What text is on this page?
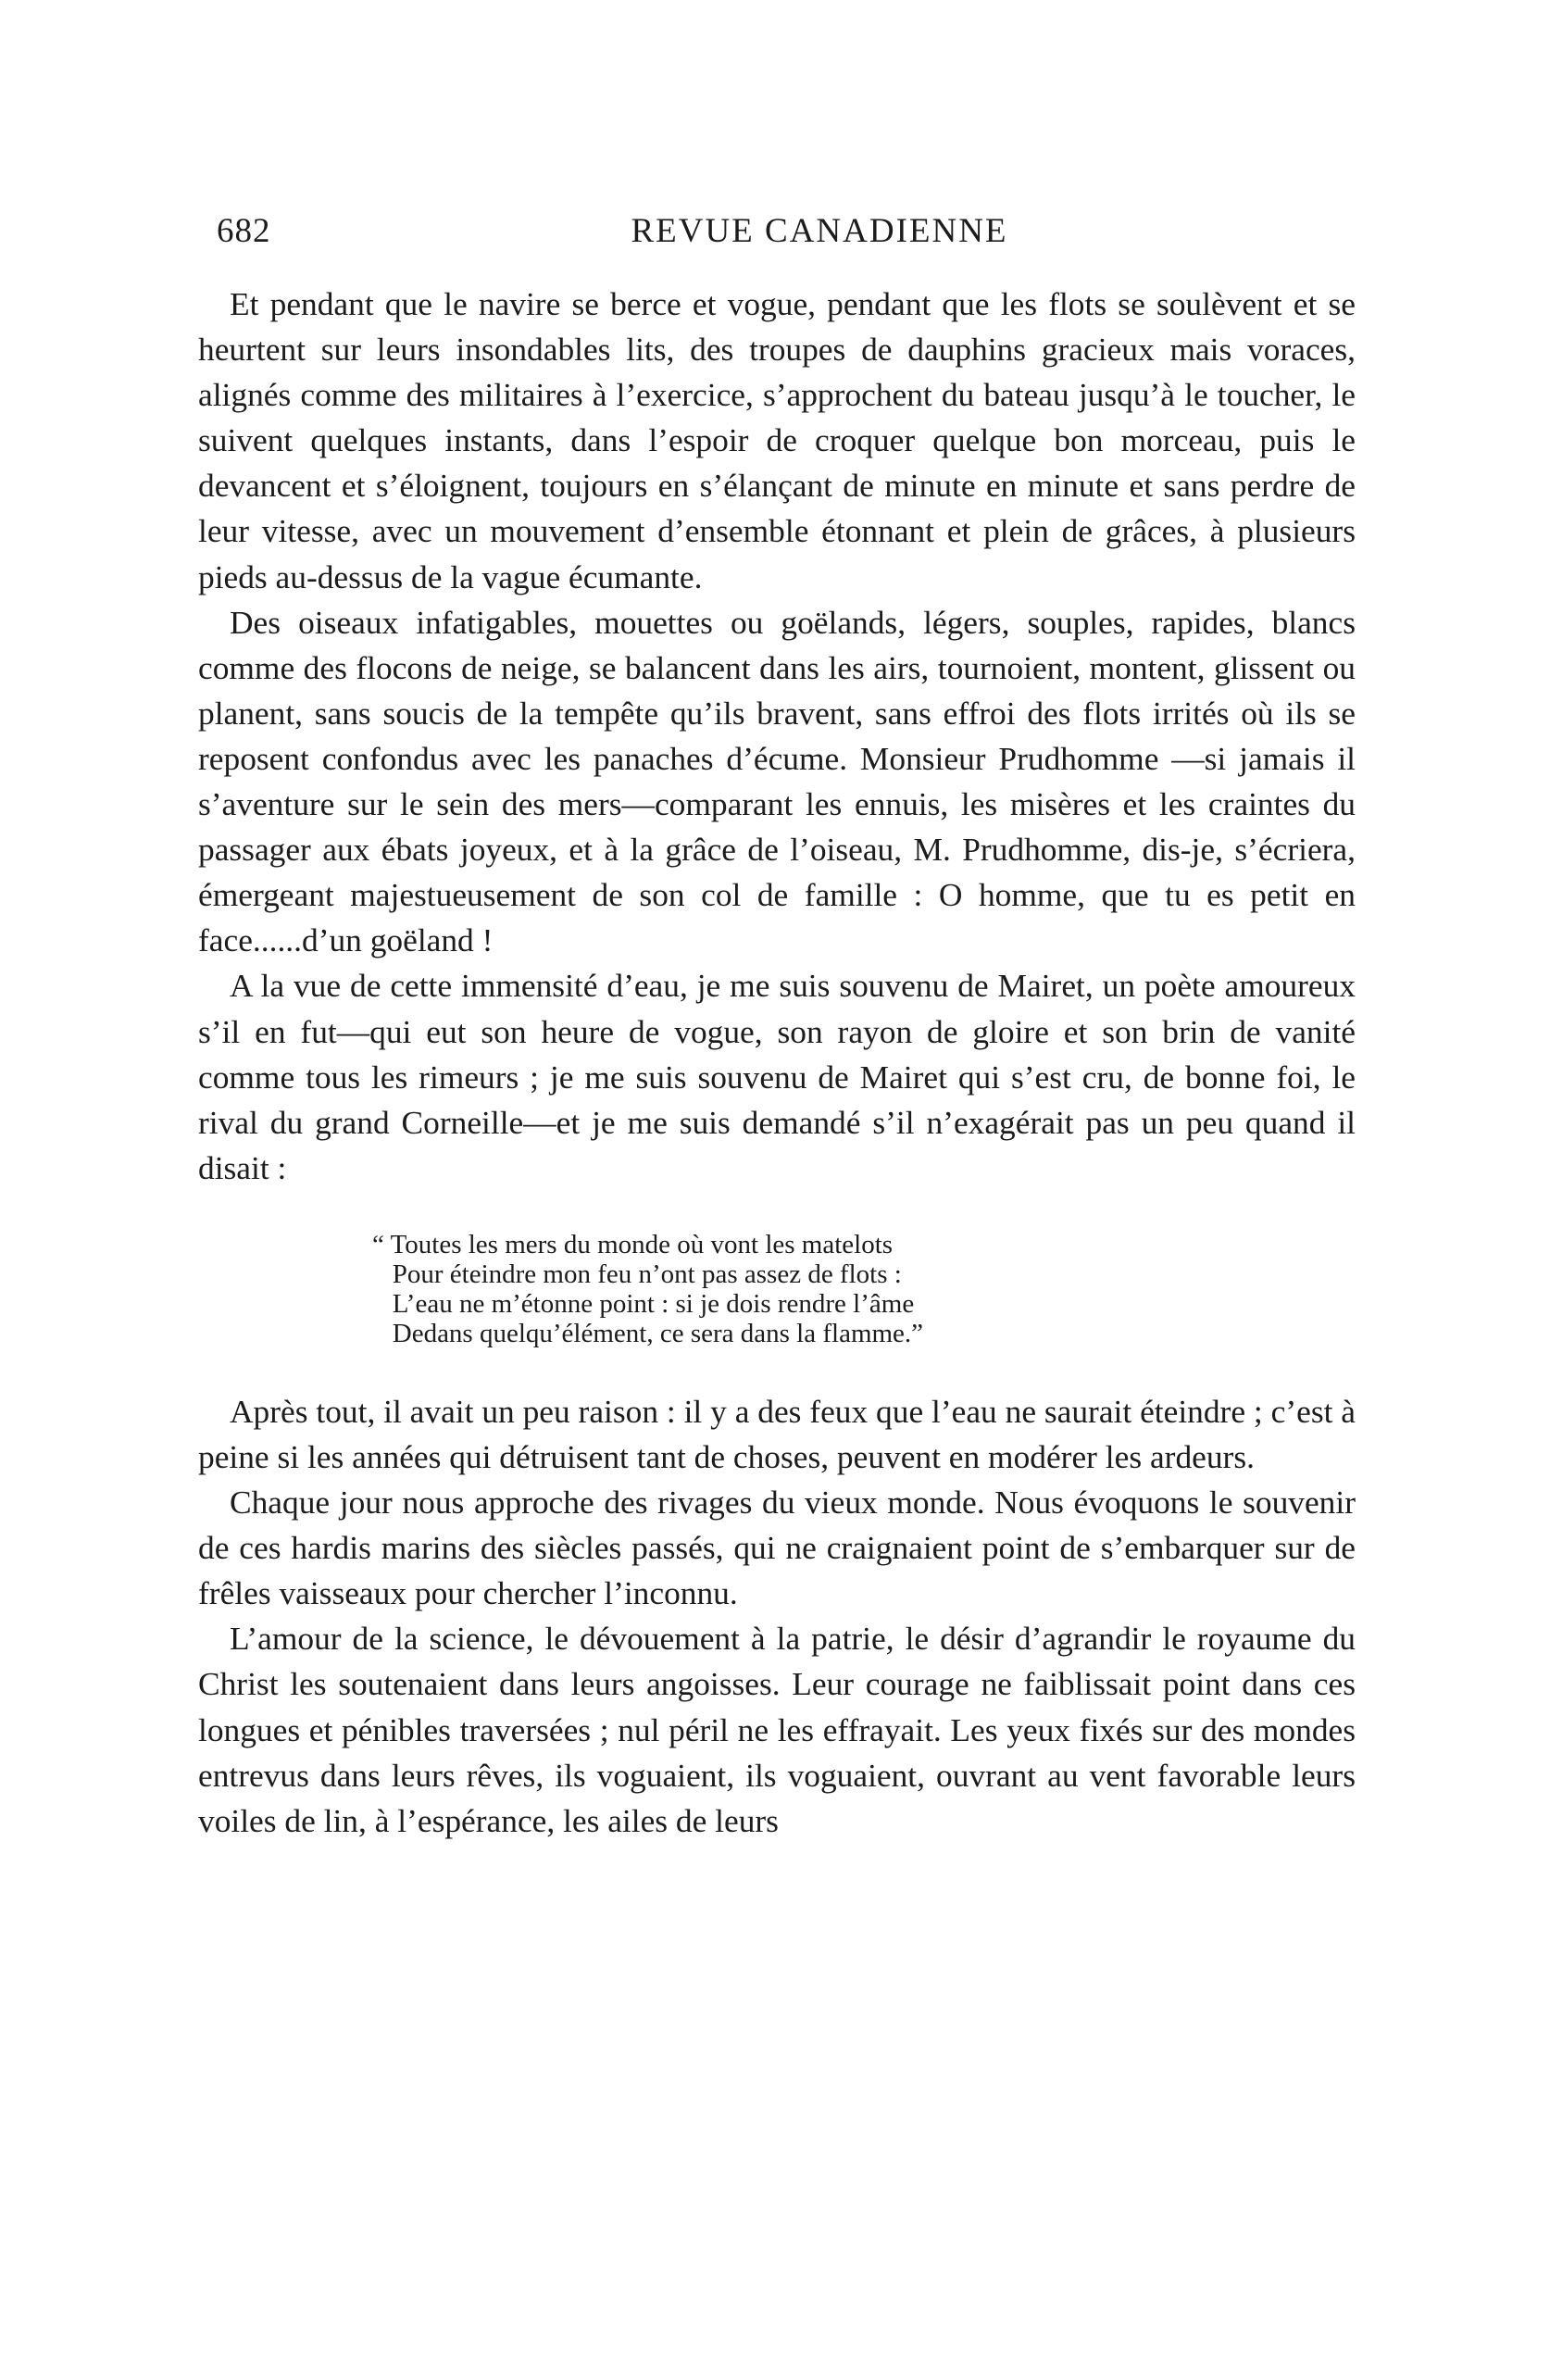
682	REVUE CANADIENNE

Et pendant que le navire se berce et vogue, pendant que les flots se soulèvent et se heurtent sur leurs insondables lits, des troupes de dauphins gracieux mais voraces, alignés comme des militaires à l’exercice, s’approchent du bateau jusqu’à le toucher, le suivent quelques instants, dans l’espoir de croquer quelque bon morceau, puis le devancent et s’éloignent, toujours en s’élançant de minute en minute et sans perdre de leur vitesse, avec un mouvement d’ensemble étonnant et plein de grâces, à plusieurs pieds au-dessus de la vague écumante.

Des oiseaux infatigables, mouettes ou goëlands, légers, souples, rapides, blancs comme des flocons de neige, se balancent dans les airs, tournoient, montent, glissent ou planent, sans soucis de la tempête qu’ils bravent, sans effroi des flots irrités où ils se reposent confondus avec les panaches d’écume. Monsieur Prudhomme —si jamais il s’aventure sur le sein des mers—comparant les ennuis, les misères et les craintes du passager aux ébats joyeux, et à la grâce de l’oiseau, M. Prudhomme, dis-je, s’écriera, émergeant majestueusement de son col de famille : O homme, que tu es petit en face......d’un goëland !

A la vue de cette immensité d’eau, je me suis souvenu de Mairet, un poète amoureux s’il en fut—qui eut son heure de vogue, son rayon de gloire et son brin de vanité comme tous les rimeurs ; je me suis souvenu de Mairet qui s’est cru, de bonne foi, le rival du grand Corneille—et je me suis demandé s’il n’exagérait pas un peu quand il disait :

“ Toutes les mers du monde où vont les matelots
Pour éteindre mon feu n’ont pas assez de flots :
L’eau ne m’étonne point : si je dois rendre l’âme
Dedans quelqu’élément, ce sera dans la flamme.”

Après tout, il avait un peu raison : il y a des feux que l’eau ne saurait éteindre ; c’est à peine si les années qui détruisent tant de choses, peuvent en modérer les ardeurs.

Chaque jour nous approche des rivages du vieux monde. Nous évoquons le souvenir de ces hardis marins des siècles passés, qui ne craignaient point de s’embarquer sur de frêles vaisseaux pour chercher l’inconnu.

L’amour de la science, le dévouement à la patrie, le désir d’agrandir le royaume du Christ les soutenaient dans leurs angoisses. Leur courage ne faiblissait point dans ces longues et pénibles traversées ; nul péril ne les effrayait. Les yeux fixés sur des mondes entrevus dans leurs rêves, ils voguaient, ils voguaient, ouvrant au vent favorable leurs voiles de lin, à l’espérance, les ailes de leurs
